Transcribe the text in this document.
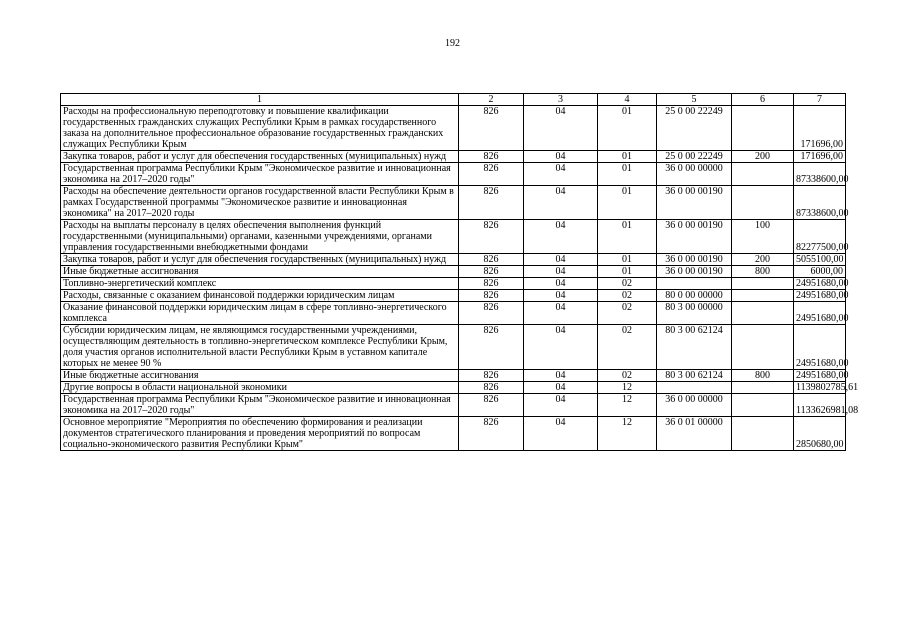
192
1	2	3	4	5	6	7
Расходы на профессиональную переподготовку и повышение квалификации государственных гражданских служащих Республики Крым в рамках государственного заказа на дополнительное профессиональное образование государственных гражданских служащих Республики Крым	826	04	01	25 0 00 22249		171696,00
Закупка товаров, работ и услуг для обеспечения государственных (муниципальных) нужд	826	04	01	25 0 00 22249	200	171696,00
Государственная программа Республики Крым "Экономическое развитие и инновационная экономика на 2017–2020 годы"	826	04	01	36 0 00 00000		87338600,00
Расходы на обеспечение деятельности органов государственной власти Республики Крым в рамках Государственной программы "Экономическое развитие и инновационная экономика" на 2017–2020 годы	826	04	01	36 0 00 00190		87338600,00
Расходы на выплаты персоналу в целях обеспечения выполнения функций государственными (муниципальными) органами, казенными учреждениями, органами управления государственными внебюджетными фондами	826	04	01	36 0 00 00190	100	82277500,00
Закупка товаров, работ и услуг для обеспечения государственных (муниципальных) нужд	826	04	01	36 0 00 00190	200	5055100,00
Иные бюджетные ассигнования	826	04	01	36 0 00 00190	800	6000,00
Топливно-энергетический комплекс	826	04	02			24951680,00
Расходы, связанные с оказанием финансовой поддержки юридическим лицам	826	04	02	80 0 00 00000		24951680,00
Оказание финансовой поддержки юридическим лицам в сфере топливно-энергетического комплекса	826	04	02	80 3 00 00000		24951680,00
Субсидии юридическим лицам, не являющимся государственными учреждениями, осуществляющим деятельность в топливно-энергетическом комплексе Республики Крым, доля участия органов исполнительной власти Республики Крым в уставном капитале которых не менее 90 %	826	04	02	80 3 00 62124		24951680,00
Иные бюджетные ассигнования	826	04	02	80 3 00 62124	800	24951680,00
Другие вопросы в области национальной экономики	826	04	12			1139802785,61
Государственная программа Республики Крым "Экономическое развитие и инновационная экономика на 2017–2020 годы"	826	04	12	36 0 00 00000		1133626981,08
Основное мероприятие "Мероприятия по обеспечению формирования и реализации документов стратегического планирования и проведения мероприятий по вопросам социально-экономического развития Республики Крым"	826	04	12	36 0 01 00000		2850680,00
